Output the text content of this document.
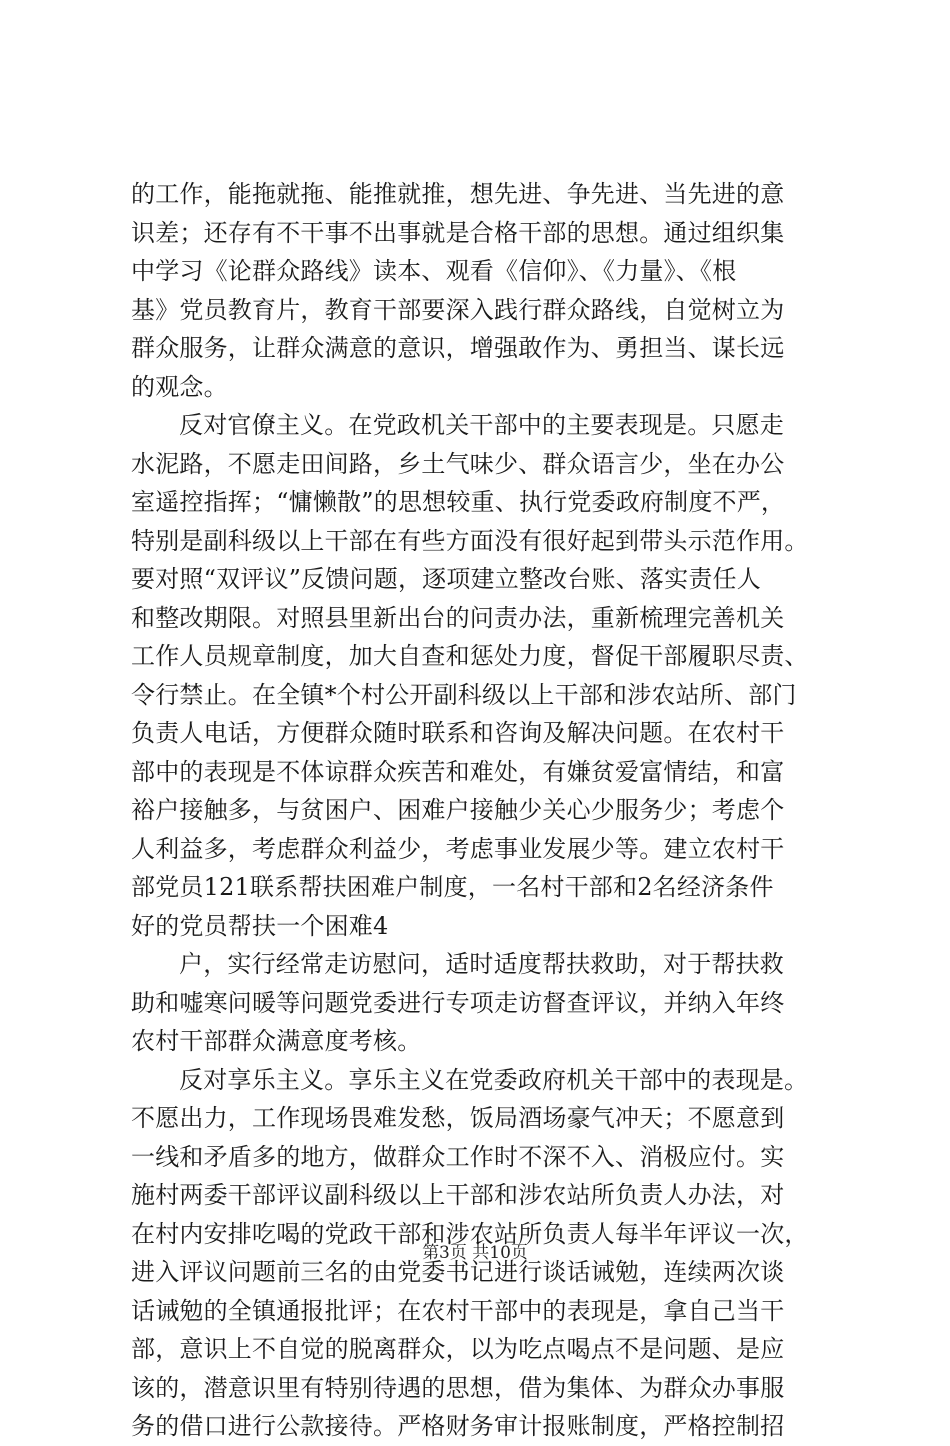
的工作，能拖就拖、能推就推，想先进、争先进、当先进的意
识差；还存有不干事不出事就是合格干部的思想。通过组织集
中学习《论群众路线》读本、观看《信仰》、《力量》、《根
基》党员教育片，教育干部要深入践行群众路线，自觉树立为
群众服务，让群众满意的意识，增强敢作为、勇担当、谋长远
的观念。
反对官僚主义。在党政机关干部中的主要表现是。只愿走
水泥路，不愿走田间路，乡土气味少、群众语言少，坐在办公
室遥控指挥；“慵懒散”的思想较重、执行党委政府制度不严，
特别是副科级以上干部在有些方面没有很好起到带头示范作用。
要对照“双评议”反馈问题，逐项建立整改台账、落实责任人
和整改期限。对照县里新出台的问责办法，重新梳理完善机关
工作人员规章制度，加大自查和惩处力度，督促干部履职尽责、
令行禁止。在全镇*个村公开副科级以上干部和涉农站所、部门
负责人电话，方便群众随时联系和咨询及解决问题。在农村干
部中的表现是不体谅群众疾苦和难处，有嫌贫爱富情结，和富
裕户接触多，与贫困户、困难户接触少关心少服务少；考虑个
人利益多，考虑群众利益少，考虑事业发展少等。建立农村干
部党员121联系帮扶困难户制度，一名村干部和2名经济条件
好的党员帮扶一个困难4
户，实行经常走访慰问，适时适度帮扶救助，对于帮扶救
助和嘘寒问暖等问题党委进行专项走访督查评议，并纳入年终
农村干部群众满意度考核。
反对享乐主义。享乐主义在党委政府机关干部中的表现是。
不愿出力，工作现场畏难发愁，饭局酒场豪气冲天；不愿意到
一线和矛盾多的地方，做群众工作时不深不入、消极应付。实
施村两委干部评议副科级以上干部和涉农站所负责人办法，对
在村内安排吃喝的党政干部和涉农站所负责人每半年评议一次，
进入评议问题前三名的由党委书记进行谈话诫勉，连续两次谈
话诫勉的全镇通报批评；在农村干部中的表现是，拿自己当干
部，意识上不自觉的脱离群众，以为吃点喝点不是问题、是应
该的，潜意识里有特别待遇的思想，借为集体、为群众办事服
务的借口进行公款接待。严格财务审计报账制度，严格控制招
第3页 共10页
